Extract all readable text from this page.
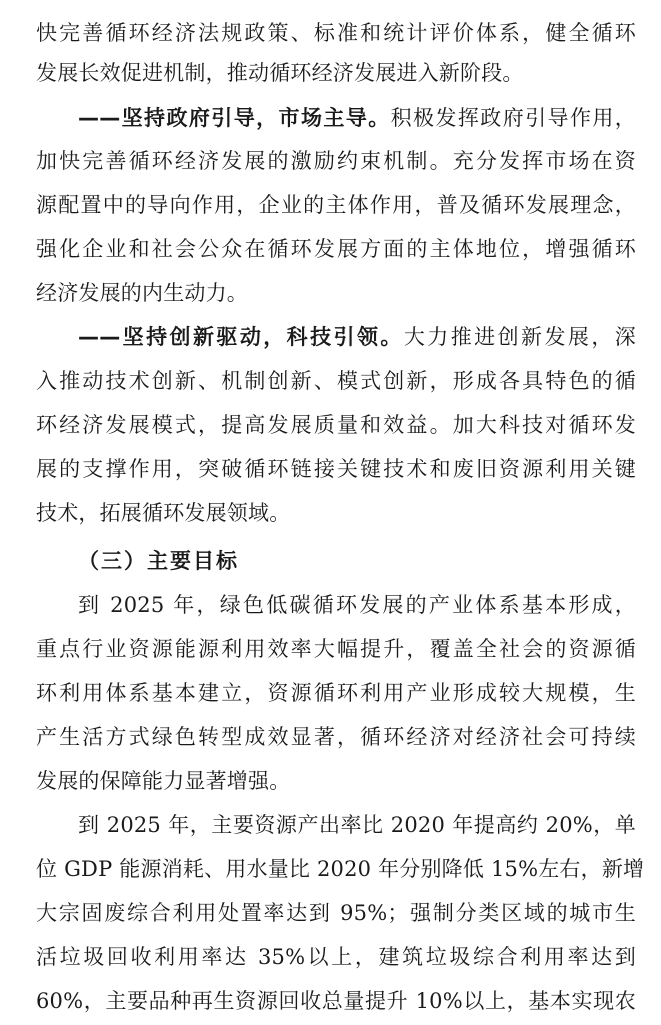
快完善循环经济法规政策、标准和统计评价体系，健全循环
发展长效促进机制，推动循环经济发展进入新阶段。
——坚持政府引导，市场主导。积极发挥政府引导作用，
加快完善循环经济发展的激励约束机制。充分发挥市场在资
源配置中的导向作用，企业的主体作用，普及循环发展理念，
强化企业和社会公众在循环发展方面的主体地位，增强循环
经济发展的内生动力。
——坚持创新驱动，科技引领。大力推进创新发展，深
入推动技术创新、机制创新、模式创新，形成各具特色的循
环经济发展模式，提高发展质量和效益。加大科技对循环发
展的支撑作用，突破循环链接关键技术和废旧资源利用关键
技术，拓展循环发展领域。
（三）主要目标
到 2025 年，绿色低碳循环发展的产业体系基本形成，
重点行业资源能源利用效率大幅提升，覆盖全社会的资源循
环利用体系基本建立，资源循环利用产业形成较大规模，生
产生活方式绿色转型成效显著，循环经济对经济社会可持续
发展的保障能力显著增强。
到 2025 年，主要资源产出率比 2020 年提高约 20%，单
位 GDP 能源消耗、用水量比 2020 年分别降低 15%左右，新增
大宗固废综合利用处置率达到 95%；强制分类区域的城市生
活垃圾回收利用率达 35%以上，建筑垃圾综合利用率达到
60%，主要品种再生资源回收总量提升 10%以上，基本实现农
